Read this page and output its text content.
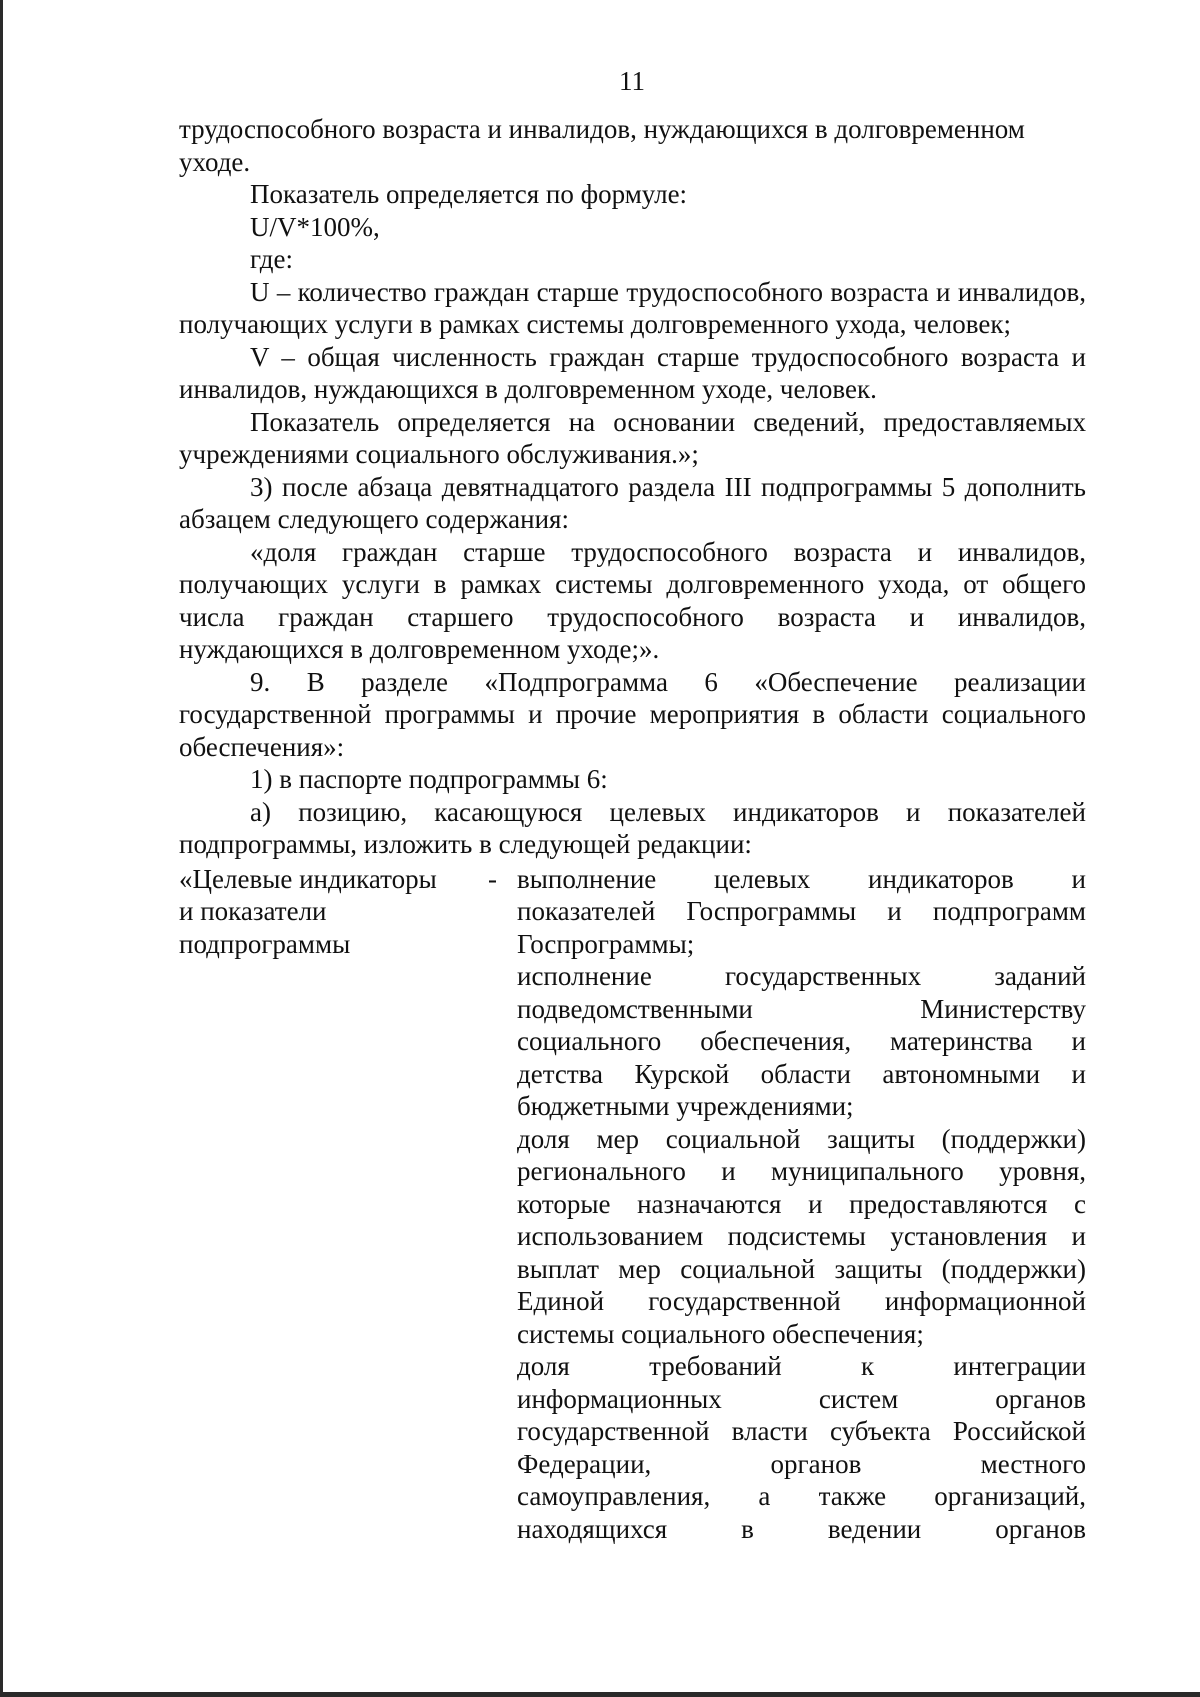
11

трудоспособного возраста и инвалидов, нуждающихся в долговременном уходе.

Показатель определяется по формуле:

U/V*100%,

где:

U – количество граждан старше трудоспособного возраста и инвалидов, получающих услуги в рамках системы долговременного ухода, человек;

V – общая численность граждан старше трудоспособного возраста и инвалидов, нуждающихся в долговременном уходе, человек.

Показатель определяется на основании сведений, предоставляемых учреждениями социального обслуживания.»;

3) после абзаца девятнадцатого раздела III подпрограммы 5 дополнить абзацем следующего содержания:

«доля граждан старше трудоспособного возраста и инвалидов, получающих услуги в рамках системы долговременного ухода, от общего числа граждан старшего трудоспособного возраста и инвалидов, нуждающихся в долговременном уходе;».

9. В разделе «Подпрограмма 6 «Обеспечение реализации государственной программы и прочие мероприятия в области социального обеспечения»:

1) в паспорте подпрограммы 6:

а) позицию, касающуюся целевых индикаторов и показателей подпрограммы, изложить в следующей редакции:

«Целевые индикаторы	-
и показатели
подпрограммы

выполнение целевых индикаторов и

показателей Госпрограммы и подпрограмм

Госпрограммы;

исполнение государственных заданий

подведомственными Министерству

социального обеспечения, материнства и

детства Курской области автономными и

бюджетными учреждениями;

доля мер социальной защиты (поддержки)

регионального и муниципального уровня,

которые назначаются и предоставляются с

использованием подсистемы установления и

выплат мер социальной защиты (поддержки)

Единой государственной информационной

системы социального обеспечения;

доля требований к интеграции

информационных систем органов

государственной власти субъекта Российской

Федерации, органов местного

самоуправления, а также организаций,

находящихся в ведении органов
